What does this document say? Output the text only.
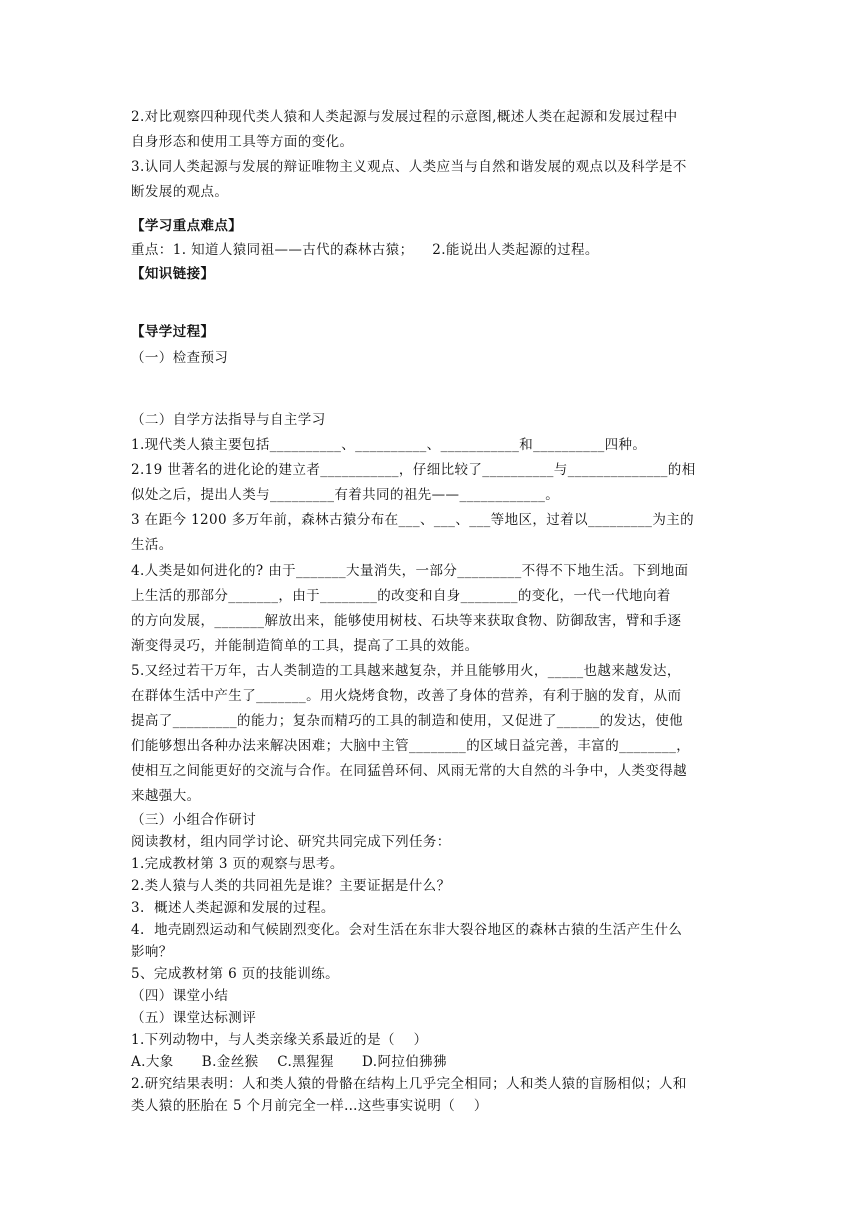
2.对比观察四种现代类人猿和人类起源与发展过程的示意图,概述人类在起源和发展过程中
自身形态和使用工具等方面的变化。
3.认同人类起源与发展的辩证唯物主义观点、人类应当与自然和谐发展的观点以及科学是不
断发展的观点。
【学习重点难点】
重点：1. 知道人猿同祖——古代的森林古猿；    2.能说出人类起源的过程。
【知识链接】
【导学过程】
（一）检查预习
（二）自学方法指导与自主学习
1.现代类人猿主要包括__________、__________、___________和__________四种。
2.19 世著名的进化论的建立者___________，仔细比较了__________与______________的相
似处之后，提出人类与_________有着共同的祖先——____________。
3 在距今 1200 多万年前，森林古猿分布在___、___、___等地区，过着以_________为主的
生活。
4.人类是如何进化的? 由于_______大量消失，一部分_________不得不下地生活。下到地面
上生活的那部分_______，由于________的改变和自身________的变化，一代一代地向着
的方向发展，_______解放出来，能够使用树枝、石块等来获取食物、防御敌害，臂和手逐
渐变得灵巧，并能制造简单的工具，提高了工具的效能。
5.又经过若干万年，古人类制造的工具越来越复杂，并且能够用火，_____也越来越发达，
在群体生活中产生了_______。用火烧烤食物，改善了身体的营养，有利于脑的发育，从而
提高了_________的能力；复杂而精巧的工具的制造和使用，又促进了______的发达，使他
们能够想出各种办法来解决困难；大脑中主管________的区域日益完善，丰富的________，
使相互之间能更好的交流与合作。在同猛兽环伺、风雨无常的大自然的斗争中，人类变得越
来越强大。
（三）小组合作研讨
阅读教材，组内同学讨论、研究共同完成下列任务：
1.完成教材第 3 页的观察与思考。
2.类人猿与人类的共同祖先是谁？主要证据是什么？
3.  概述人类起源和发展的过程。
4.  地壳剧烈运动和气候剧烈变化。会对生活在东非大裂谷地区的森林古猿的生活产生什么
影响？
5、完成教材第 6 页的技能训练。
（四）课堂小结
（五）课堂达标测评
1.下列动物中，与人类亲缘关系最近的是（    ）
A.大象      B.金丝猴    C.黑猩猩      D.阿拉伯狒狒
2.研究结果表明：人和类人猿的骨骼在结构上几乎完全相同；人和类人猿的盲肠相似；人和
类人猿的胚胎在 5 个月前完全一样…这些事实说明（    ）
